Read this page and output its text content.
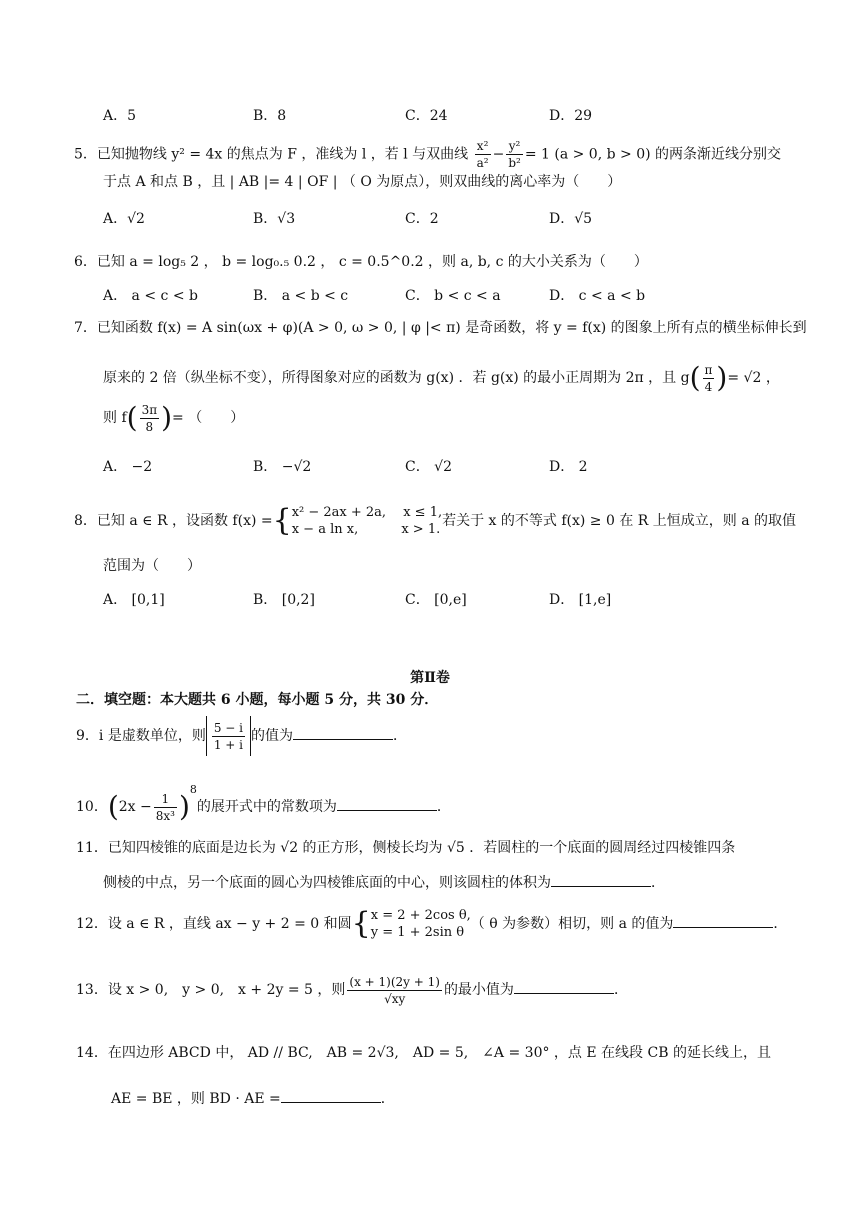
A．5	B．8	C．24	D．29
5．已知抛物线 y² = 4x 的焦点为 F ，准线为 l ，若 l 与双曲线 $\frac{\text{x²}}{\text{a²}} - \frac{\text{y²}}{\text{b²}} = 1$ (a > 0, b > 0) 的两条渐近线分别交
于点 A 和点 B ，且 | AB |= 4 | OF | （ O 为原点），则双曲线的离心率为（　　）
A．√2	B．√3	C．2	D．√5
6．已知 a = log₅ 2 ， b = log₀.₅ 0.2 ， c = 0.5^0.2 ，则 a, b, c 的大小关系为（　　）
A． a < c < b	B． a < b < c	C． b < c < a	D． c < a < b
7．已知函数 f(x) = A sin(ωx + φ)(A > 0, ω > 0, | φ |< π) 是奇函数，将 y = f(x) 的图象上所有点的横坐标伸长到
原来的 2 倍（纵坐标不变），所得图象对应的函数为 g(x) ．若 g(x) 的最小正周期为 2π ，且 $g( \frac{\pi}{4}$ )= √2 ，
则 $f( \frac{3\pi}{8}$ )= （　　）
A． −2	B． −√2	C． √2	D． 2
8．已知 a ∈ R ，设函数 f(x) ={ x² − 2ax + 2a,　 x ≤ 1,
x − a ln x,　　　 x > 1.
若关于 x 的不等式 f(x) ≥ 0 在 R 上恒成立，则 a 的取值
范围为（　　）
A． [0,1]	B． [0,2]	C． [0,e]	D． [1,e]
第Ⅱ卷
二．填空题：本大题共 6 小题，每小题 5 分，共 30 分．
9．i 是虚数单位，则 $\frac{5 - i}{1 + i}$ 的值为	．
10．$(2x - \frac{1}{\text{8x³}} )^8$的展开式中的常数项为	．
11．已知四棱锥的底面是边长为 √2 的正方形，侧棱长均为 √5 ．若圆柱的一个底面的圆周经过四棱锥四条
侧棱的中点，另一个底面的圆心为四棱锥底面的中心，则该圆柱的体积为	．
12．设 a ∈ R ，直线 ax − y + 2 = 0 和圆{ x = 2 + 2cos θ,
y = 1 + 2sin θ
（ θ 为参数）相切，则 a 的值为	．
13．设 x > 0,　y > 0,　x + 2y = 5 ，则 $\frac{(x + 1)(2y + 1)}{√xy}$ 的最小值为	．
14．在四边形 ABCD 中， AD // BC,　AB = 2√3,　AD = 5,　∠A = 30° ，点 E 在线段 CB 的延长线上，且
AE = BE ，则 BD · AE =	．
